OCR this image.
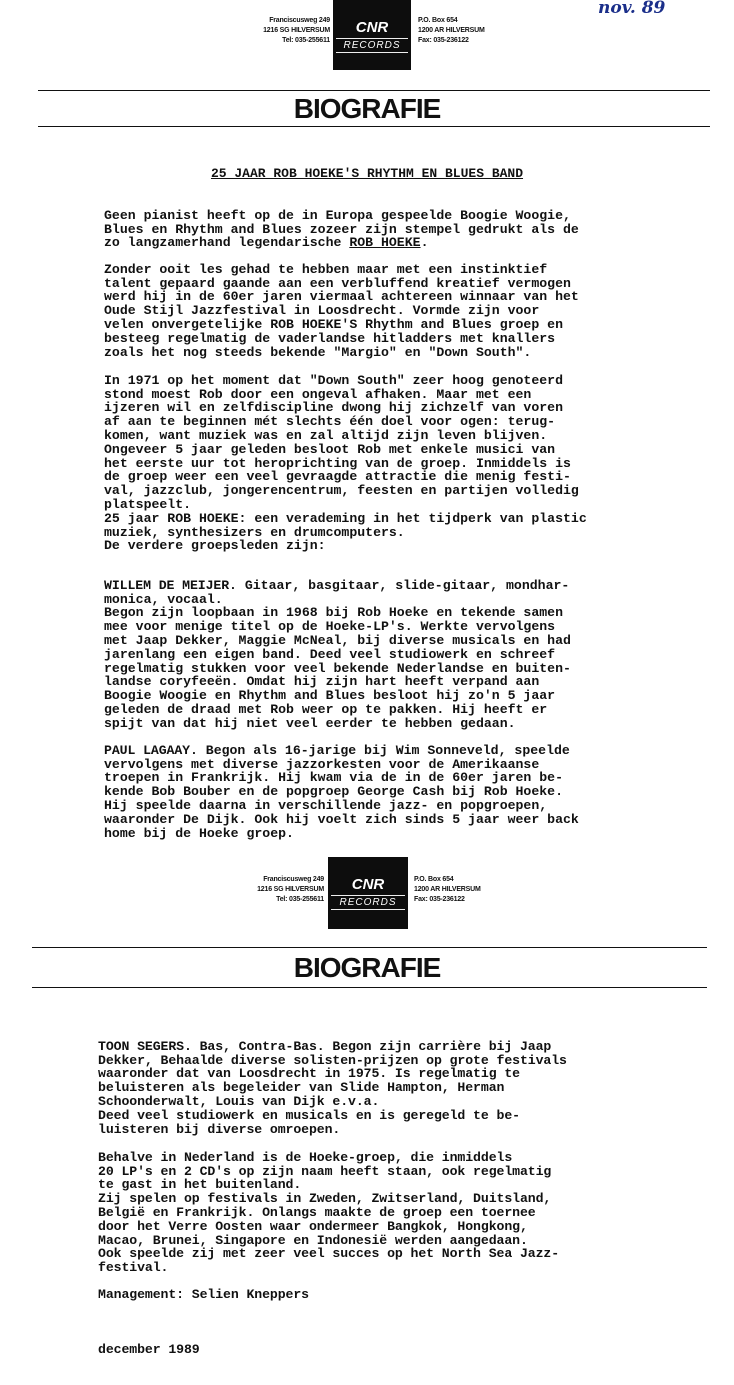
Franciscusweg 249
1216 SG HILVERSUM
Tel: 035-255611
CNR
RECORDS
P.O. Box 654
1200 AR HILVERSUM
Fax: 035-236122
nov. 89
BIOGRAFIE
25 JAAR ROB HOEKE'S RHYTHM EN BLUES BAND

Geen pianist heeft op de in Europa gespeelde Boogie Woogie,
Blues en Rhythm and Blues zozeer zijn stempel gedrukt als de
zo langzamerhand legendarische ROB HOEKE.

Zonder ooit les gehad te hebben maar met een instinktief
talent gepaard gaande aan een verbluffend kreatief vermogen
werd hij in de 60er jaren viermaal achtereen winnaar van het
Oude Stijl Jazzfestival in Loosdrecht. Vormde zijn voor
velen onvergetelijke ROB HOEKE'S Rhythm and Blues groep en
besteeg regelmatig de vaderlandse hitladders met knallers
zoals het nog steeds bekende "Margio" en "Down South".

In 1971 op het moment dat "Down South" zeer hoog genoteerd
stond moest Rob door een ongeval afhaken. Maar met een
ijzeren wil en zelfdiscipline dwong hij zichzelf van voren
af aan te beginnen mét slechts één doel voor ogen: terug-
komen, want muziek was en zal altijd zijn leven blijven.
Ongeveer 5 jaar geleden besloot Rob met enkele musici van
het eerste uur tot heroprichting van de groep. Inmiddels is
de groep weer een veel gevraagde attractie die menig festi-
val, jazzclub, jongerencentrum, feesten en partijen volledig
platspeelt.
25 jaar ROB HOEKE: een verademing in het tijdperk van plastic
muziek, synthesizers en drumcomputers.

De verdere groepsleden zijn:

WILLEM DE MEIJER. Gitaar, basgitaar, slide-gitaar, mondhar-
monica, vocaal.
Begon zijn loopbaan in 1968 bij Rob Hoeke en tekende samen
mee voor menige titel op de Hoeke-LP's. Werkte vervolgens
met Jaap Dekker, Maggie McNeal, bij diverse musicals en had
jarenlang een eigen band. Deed veel studiowerk en schreef
regelmatig stukken voor veel bekende Nederlandse en buiten-
landse coryfeeën. Omdat hij zijn hart heeft verpand aan
Boogie Woogie en Rhythm and Blues besloot hij zo'n 5 jaar
geleden de draad met Rob weer op te pakken. Hij heeft er
spijt van dat hij niet veel eerder te hebben gedaan.

PAUL LAGAAY. Begon als 16-jarige bij Wim Sonneveld, speelde
vervolgens met diverse jazzorkesten voor de Amerikaanse
troepen in Frankrijk. Hij kwam via de in de 60er jaren be-
kende Bob Bouber en de popgroep George Cash bij Rob Hoeke.
Hij speelde daarna in verschillende jazz- en popgroepen,
waaronder De Dijk. Ook hij voelt zich sinds 5 jaar weer back
home bij de Hoeke groep.

Franciscusweg 249
1216 SG HILVERSUM
Tel: 035-255611
CNR
RECORDS
P.O. Box 654
1200 AR HILVERSUM
Fax: 035-236122
BIOGRAFIE

TOON SEGERS. Bas, Contra-Bas. Begon zijn carrière bij Jaap
Dekker, Behaalde diverse solisten-prijzen op grote festivals
waaronder dat van Loosdrecht in 1975. Is regelmatig te
beluisteren als begeleider van Slide Hampton, Herman
Schoonderwalt, Louis van Dijk e.v.a.
Deed veel studiowerk en musicals en is geregeld te be-
luisteren bij diverse omroepen.

Behalve in Nederland is de Hoeke-groep, die inmiddels
20 LP's en 2 CD's op zijn naam heeft staan, ook regelmatig
te gast in het buitenland.
Zij spelen op festivals in Zweden, Zwitserland, Duitsland,
België en Frankrijk. Onlangs maakte de groep een toernee
door het Verre Oosten waar ondermeer Bangkok, Hongkong,
Macao, Brunei, Singapore en Indonesië werden aangedaan.
Ook speelde zij met zeer veel succes op het North Sea Jazz-
festival.

Management: Selien Kneppers
december 1989
